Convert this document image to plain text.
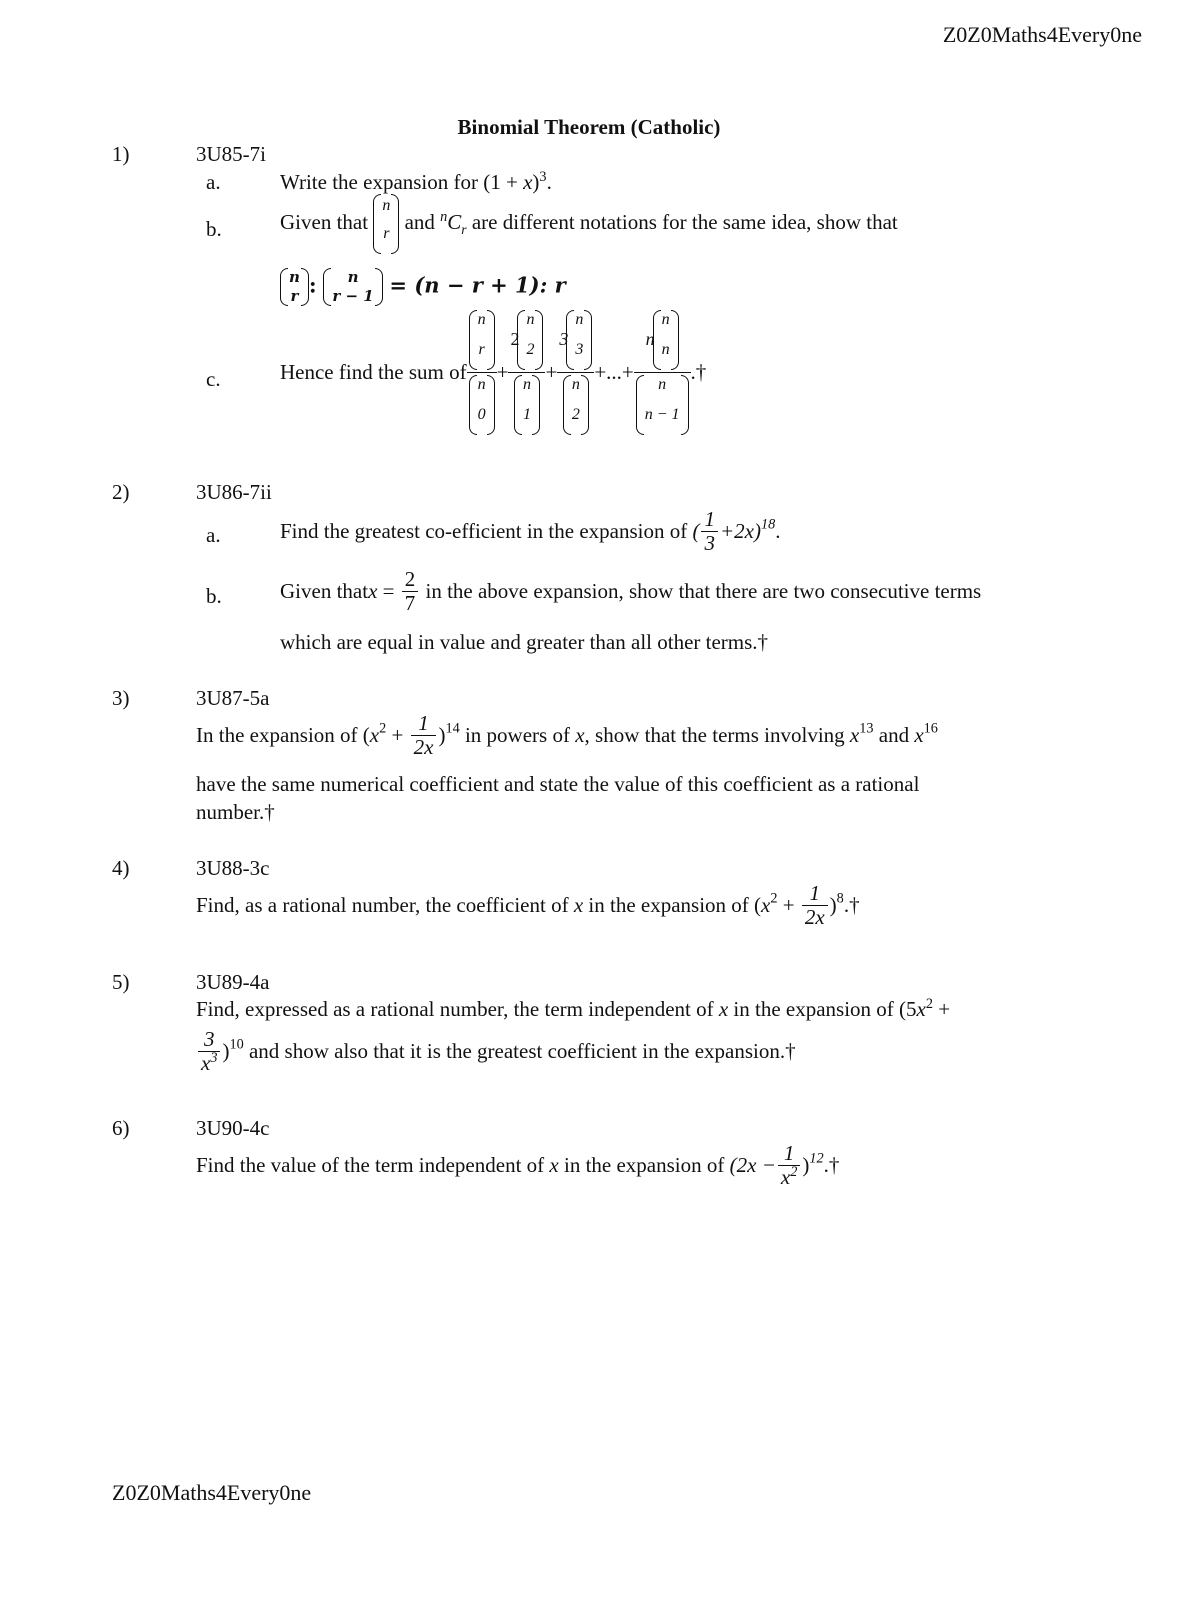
Z0Z0Maths4Every0ne
Binomial Theorem (Catholic)
1)	3U85-7i
a.	Write the expansion for $(1 + x)^3$.
b.	Given that
n
r and $^nC_r$ are different notations for the same idea, show that
n
r :	n
r − 1 = (n − r + 1): r
c.	Hence find the sum of n
r
n
0 + 2
n
2
n
1 + 3
n
3
n
2 +...+ n
n
n
n
n − 1 .†
2)	3U86-7ii
a.	Find the greatest co-efficient in the expansion of ( $\frac{1}{3} +2x)^{18}$.
b.	Given thatx = $\frac{2}{7}$ in the above expansion, show that there are two consecutive terms
which are equal in value and greater than all other terms.†
3)	3U87-5a
In the expansion of $(x^2 + \frac{1}{2x} )^{14}$ in powers of x, show that the terms involving $x^{13}$ and $x^{16}$
have the same numerical coefficient and state the value of this coefficient as a rational
number.†
4)	3U88-3c
Find, as a rational number, the coefficient of x in the expansion of ($x^2 + \frac{1}{2x}$ )$^8.\dagger$
5)	3U89-4a
Find, expressed as a rational number, the term independent of x in the expansion of ($5x^2$ +
$\frac{3}{x^3} )^{10}$ and show also that it is the greatest coefficient in the expansion.†
6)	3U90-4c
Find the value of the term independent of x in the expansion of ($2x - \frac{1}{x^2}$ )$^{12}.\dagger$
Z0Z0Maths4Every0ne
